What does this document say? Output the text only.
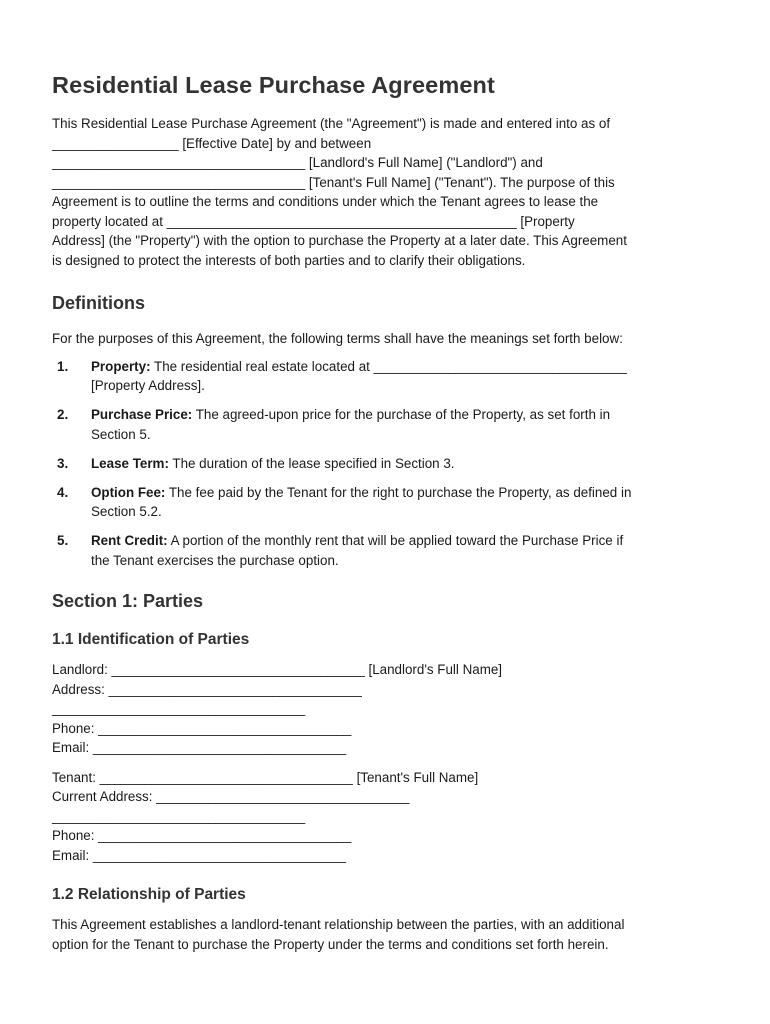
Residential Lease Purchase Agreement

This Residential Lease Purchase Agreement (the "Agreement") is made and entered into as of

_________________ [Effective Date] by and between

__________________________________ [Landlord's Full Name] ("Landlord") and

__________________________________ [Tenant's Full Name] ("Tenant"). The purpose of this

Agreement is to outline the terms and conditions under which the Tenant agrees to lease the

property located at _______________________________________________ [Property

Address] (the "Property") with the option to purchase the Property at a later date. This Agreement

is designed to protect the interests of both parties and to clarify their obligations.

Definitions

For the purposes of this Agreement, the following terms shall have the meanings set forth below:

1. Property: The residential real estate located at __________________________________
[Property Address].
2. Purchase Price: The agreed-upon price for the purchase of the Property, as set forth in
Section 5.
3. Lease Term: The duration of the lease specified in Section 3.
4. Option Fee: The fee paid by the Tenant for the right to purchase the Property, as defined in
Section 5.2.
5. Rent Credit: A portion of the monthly rent that will be applied toward the Purchase Price if
the Tenant exercises the purchase option.
Section 1: Parties
1.1 Identification of Parties

Landlord: __________________________________ [Landlord's Full Name]

Address: __________________________________

__________________________________

Phone: __________________________________

Email: __________________________________

Tenant: __________________________________ [Tenant's Full Name]

Current Address: __________________________________

__________________________________

Phone: __________________________________

Email: __________________________________

1.2 Relationship of Parties

This Agreement establishes a landlord-tenant relationship between the parties, with an additional

option for the Tenant to purchase the Property under the terms and conditions set forth herein.
